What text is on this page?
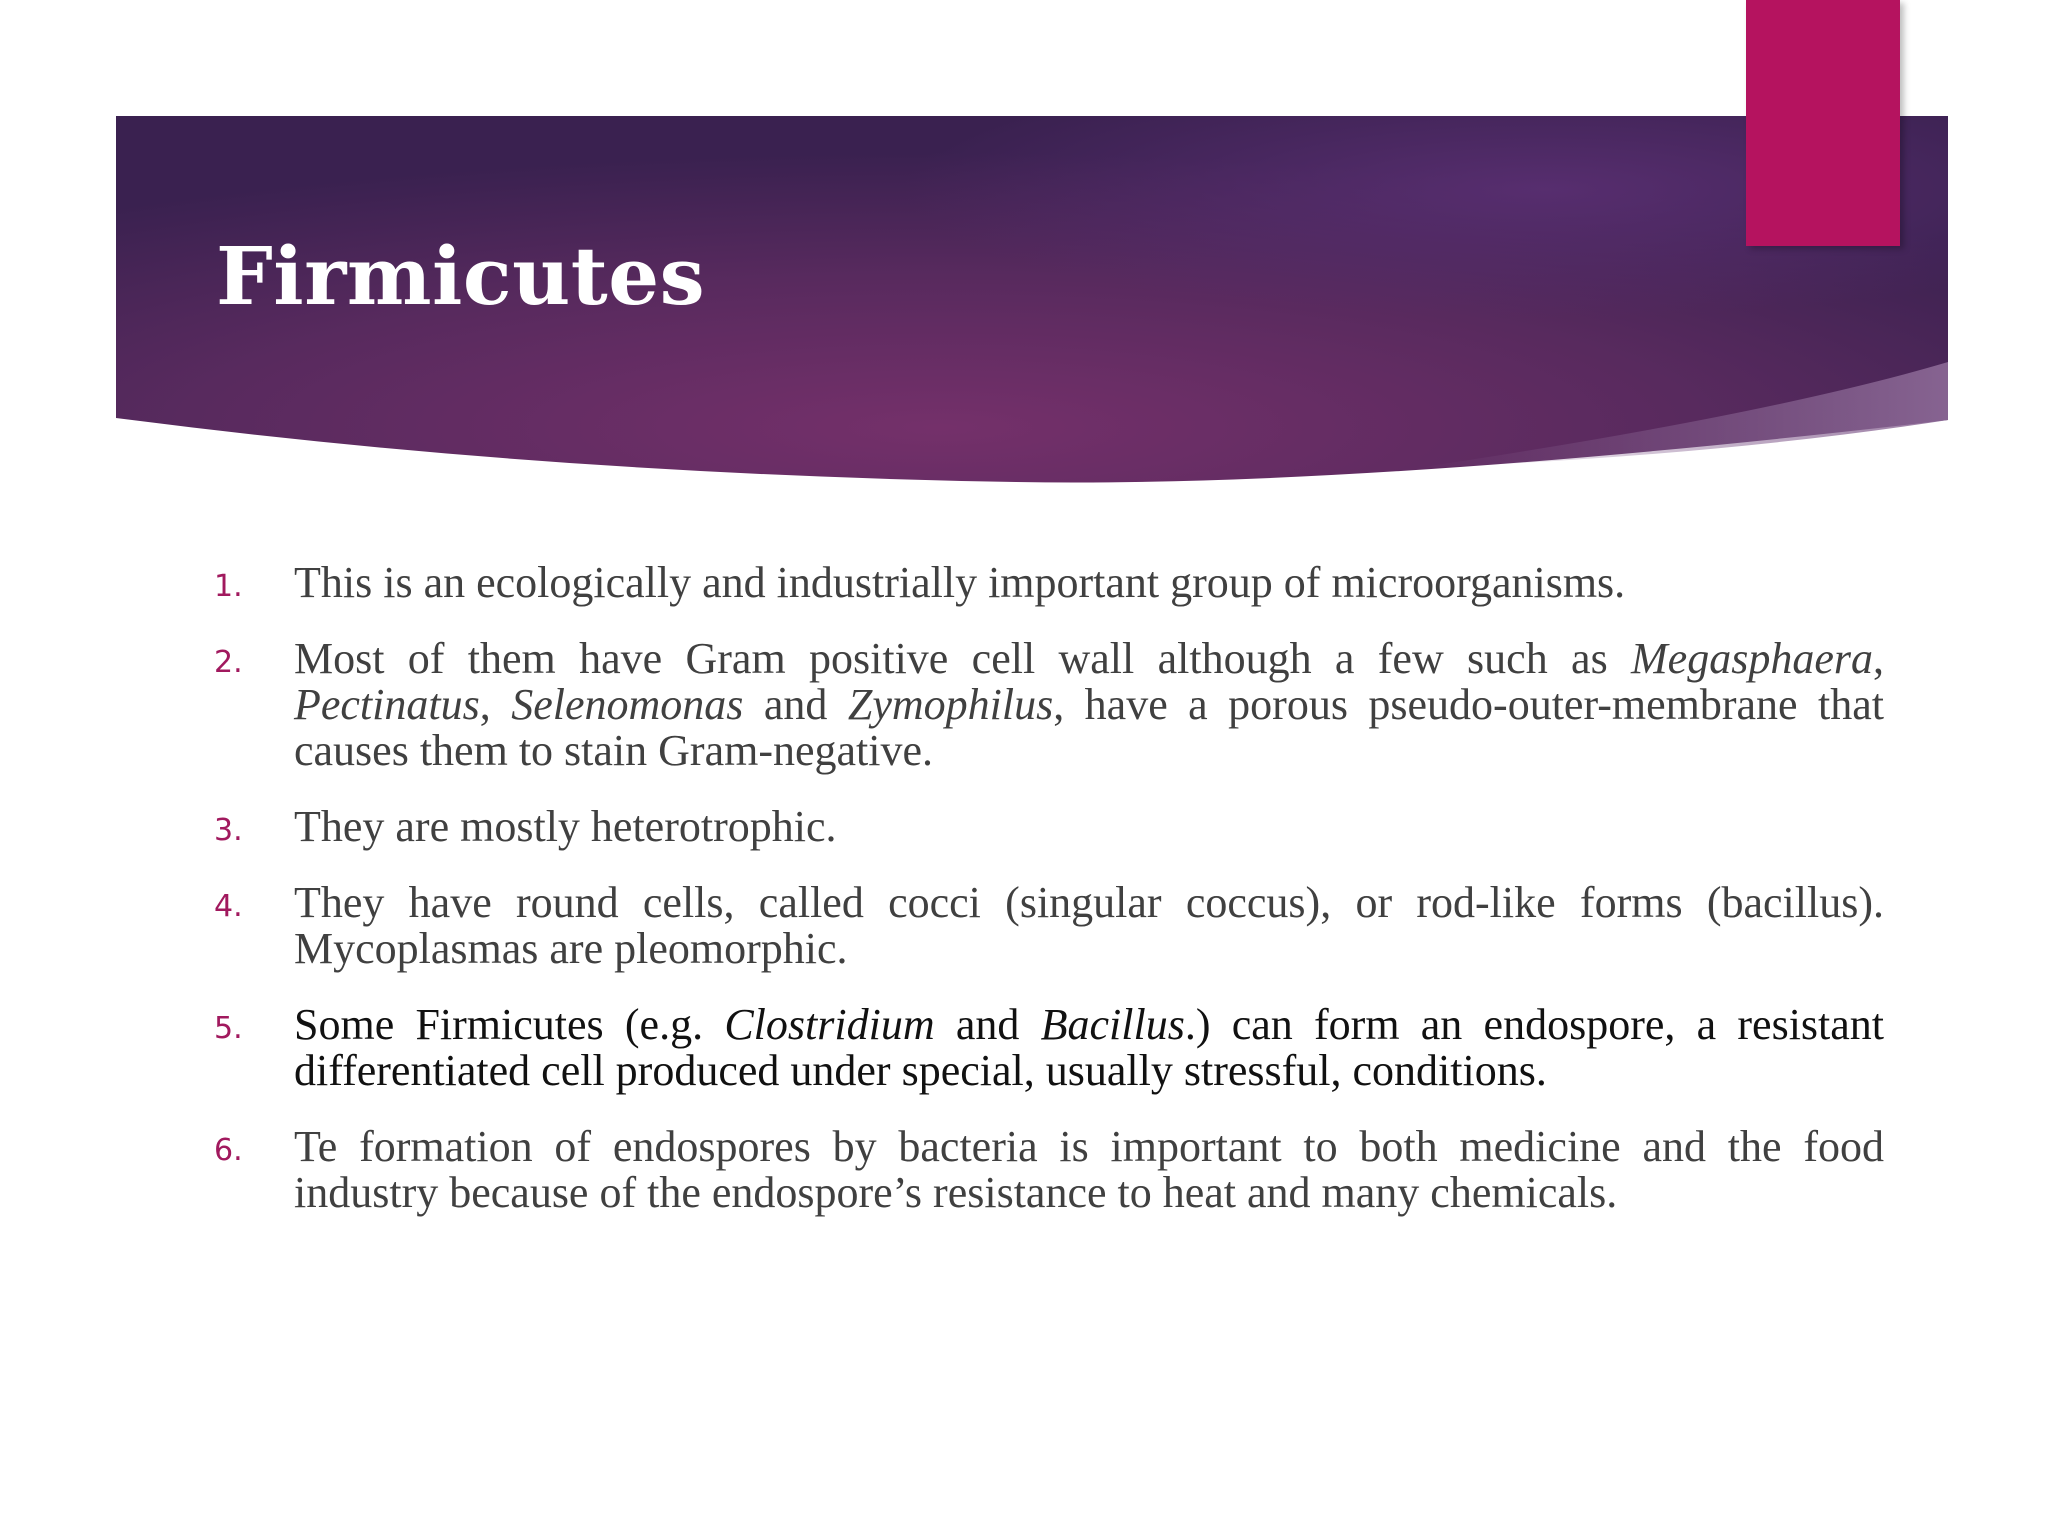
Firmicutes
1. This is an ecologically and industrially important group of microorganisms.
2. Most of them have Gram positive cell wall although a few such as Megasphaera, Pectinatus, Selenomonas and Zymophilus, have a porous pseudo-outer-membrane that causes them to stain Gram-negative.
3. They are mostly heterotrophic.
4. They have round cells, called cocci (singular coccus), or rod-like forms (bacillus). Mycoplasmas are pleomorphic.
5. Some Firmicutes (e.g. Clostridium and Bacillus.) can form an endospore, a resistant differentiated cell produced under special, usually stressful, conditions.
6. Te formation of endospores by bacteria is important to both medicine and the food industry because of the endospore’s resistance to heat and many chemicals.
